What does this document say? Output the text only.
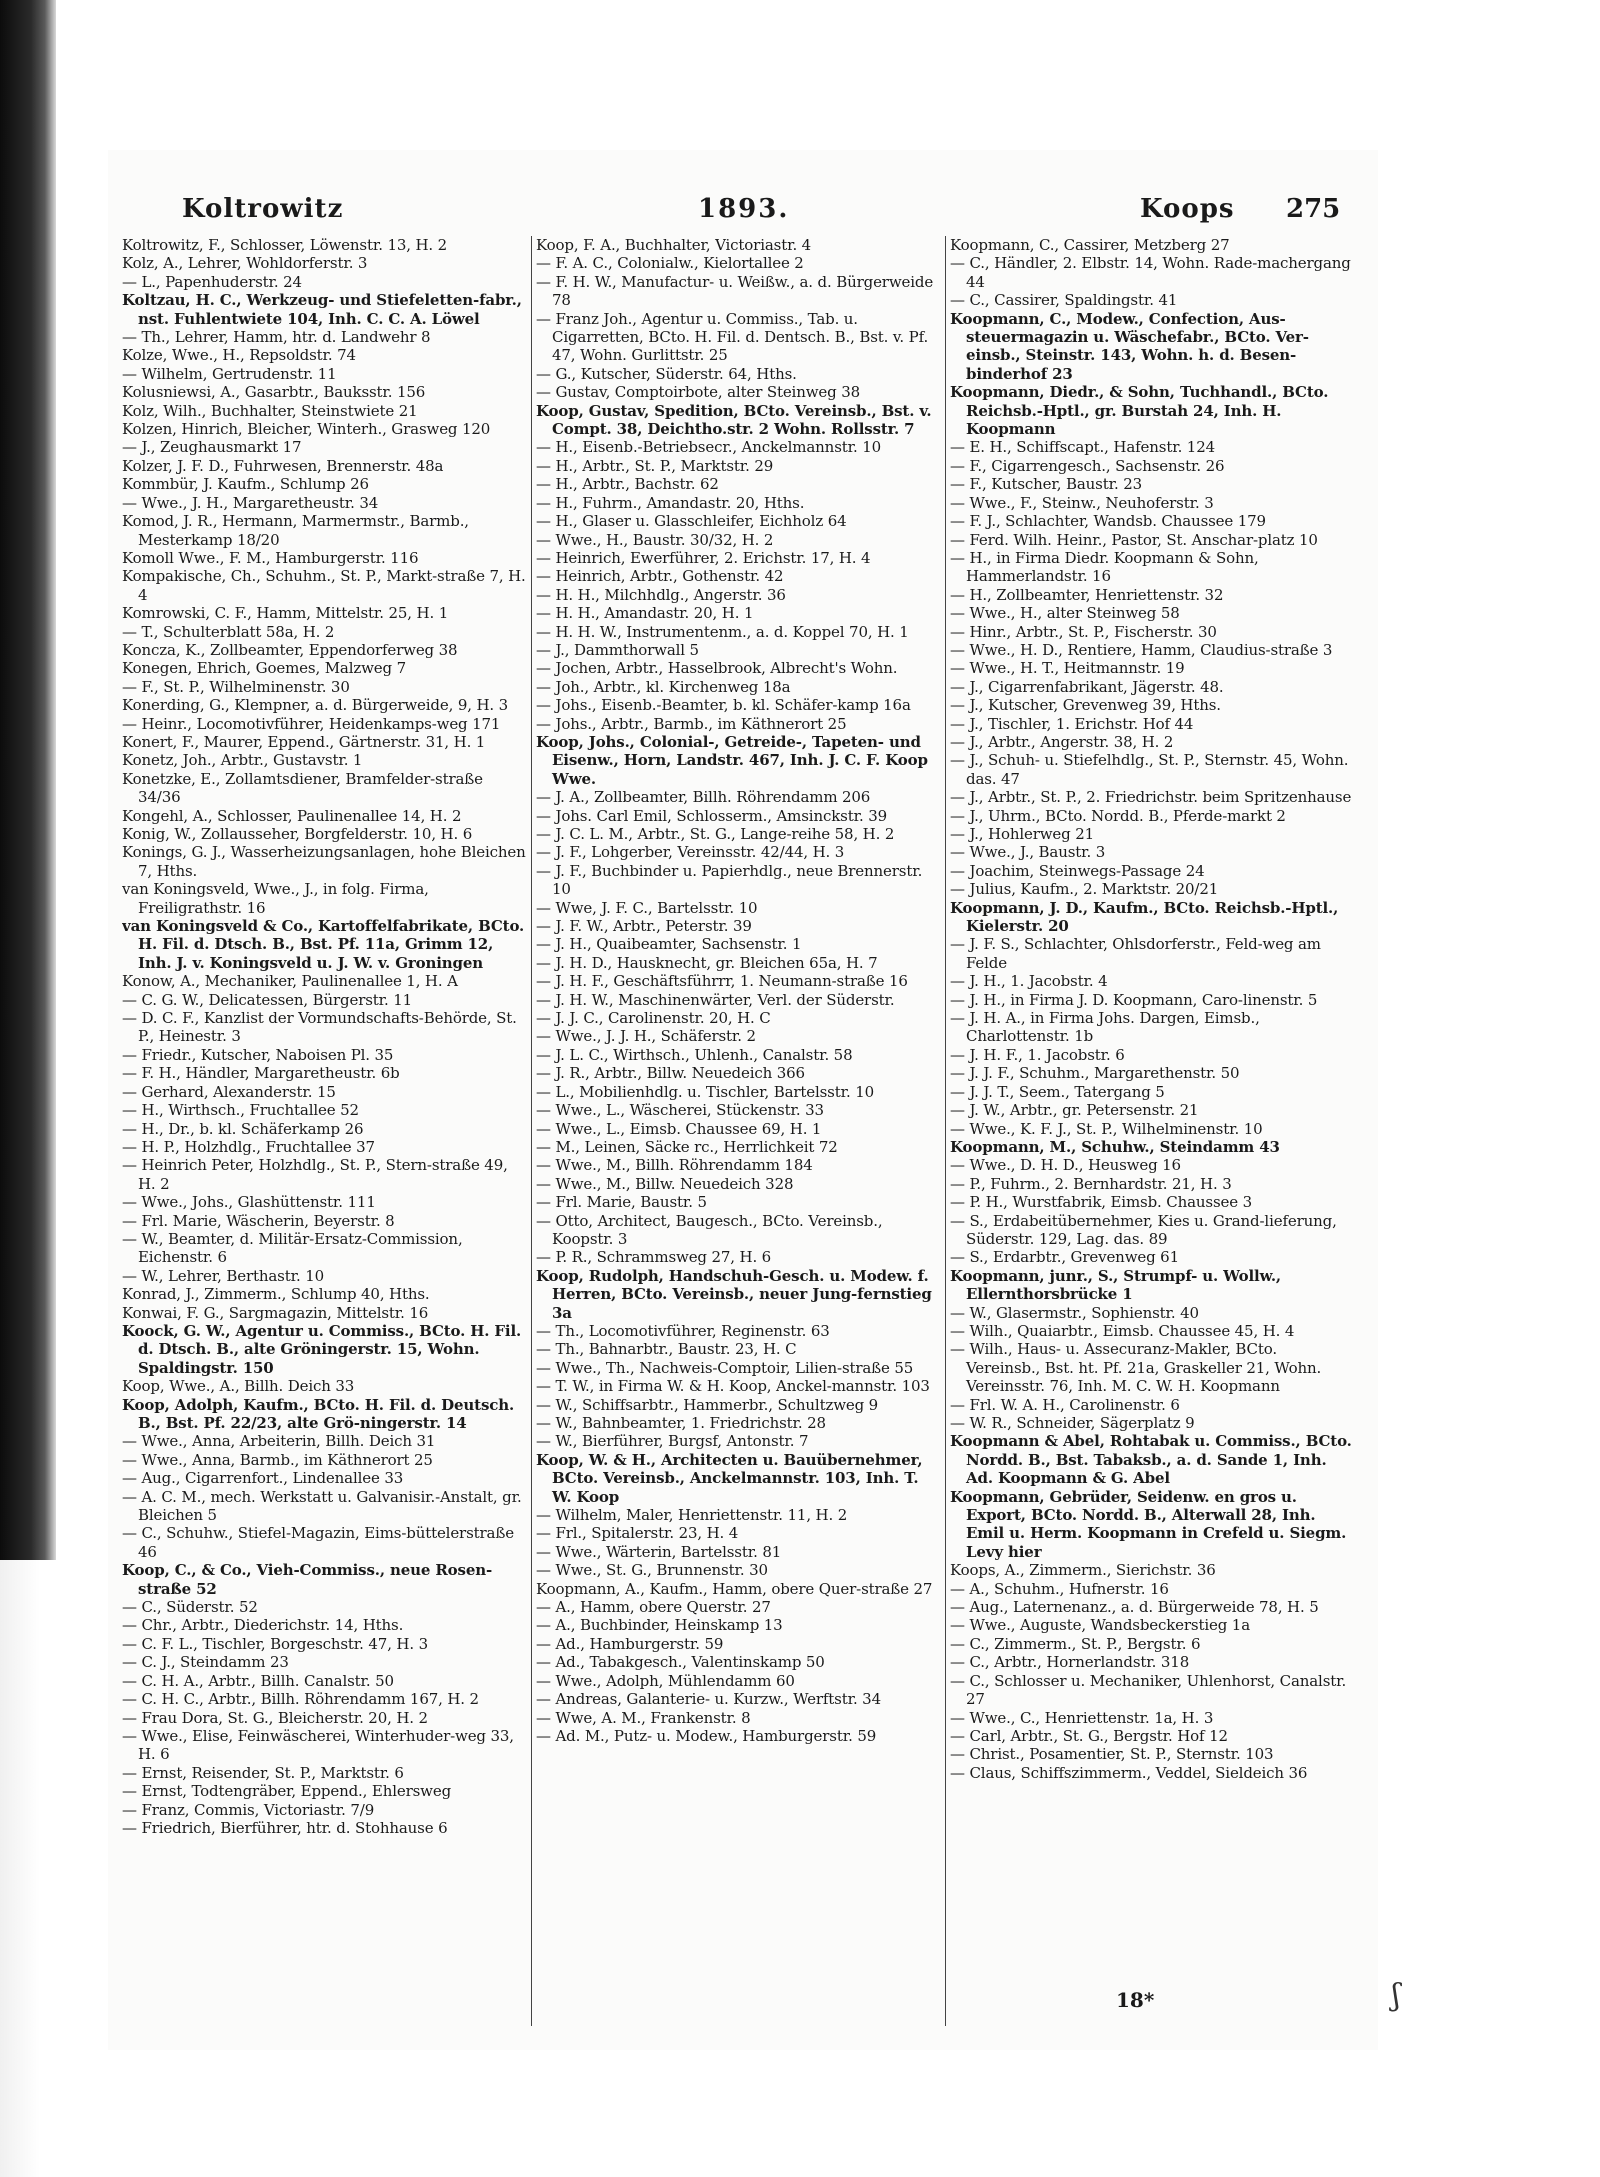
Koltrowitz	1893.	Koops 275
Koltrowitz, F., Schlosser, Löwenstr. 13, H. 2
Kolz, A., Lehrer, Wohldorferstr. 3
— L., Papenhuderstr. 24
Koltzau, H. C., Werkzeug- und Stiefeletten-fabr., nst. Fuhlentwiete 104, Inh. C. C. A. Löwel
— Th., Lehrer, Hamm, htr. d. Landwehr 8
Kolze, Wwe., H., Repsoldstr. 74
— Wilhelm, Gertrudenstr. 11
Kolusniewsi, A., Gasarbtr., Bauksstr. 156
Kolz, Wilh., Buchhalter, Steinstwiete 21
Kolzen, Hinrich, Bleicher, Winterh., Grasweg 120
— J., Zeughausmarkt 17
Kolzer, J. F. D., Fuhrwesen, Brennerstr. 48a
Kommbür, J. Kaufm., Schlump 26
— Wwe., J. H., Margaretheustr. 34
Komod, J. R., Hermann, Marmermstr., Barmb., Mesterkamp 18/20
Komoll Wwe., F. M., Hamburgerstr. 116
Kompakische, Ch., Schuhm., St. P., Markt-straße 7, H. 4
Komrowski, C. F., Hamm, Mittelstr. 25, H. 1
— T., Schulterblatt 58a, H. 2
Koncza, K., Zollbeamter, Eppendorferweg 38
Konegen, Ehrich, Goemes, Malzweg 7
— F., St. P., Wilhelminenstr. 30
Konerding, G., Klempner, a. d. Bürgerweide, 9, H. 3
— Heinr., Locomotivführer, Heidenkamps-weg 171
Konert, F., Maurer, Eppend., Gärtnerstr. 31, H. 1
Konetz, Joh., Arbtr., Gustavstr. 1
Konetzke, E., Zollamtsdiener, Bramfelder-straße 34/36
Kongehl, A., Schlosser, Paulinenallee 14, H. 2
Konig, W., Zollausseher, Borgfelderstr. 10, H. 6
Konings, G. J., Wasserheizungsanlagen, hohe Bleichen 7, Hths.
van Koningsveld, Wwe., J., in folg. Firma, Freiligrathstr. 16
van Koningsveld & Co., Kartoffelfabrikate, BCto. H. Fil. d. Dtsch. B., Bst. Pf. 11a, Grimm 12, Inh. J. v. Koningsveld u. J. W. v. Groningen
Konow, A., Mechaniker, Paulinenallee 1, H. A
— C. G. W., Delicatessen, Bürgerstr. 11
— D. C. F., Kanzlist der Vormundschafts-Behörde, St. P., Heinestr. 3
— Friedr., Kutscher, Naboisen Pl. 35
— F. H., Händler, Margaretheustr. 6b
— Gerhard, Alexanderstr. 15
— H., Wirthsch., Fruchtallee 52
— H., Dr., b. kl. Schäferkamp 26
— H. P., Holzhdlg., Fruchtallee 37
— Heinrich Peter, Holzhdlg., St. P., Stern-straße 49, H. 2
— Wwe., Johs., Glashüttenstr. 111
— Frl. Marie, Wäscherin, Beyerstr. 8
— W., Beamter, d. Militär-Ersatz-Commission, Eichenstr. 6
— W., Lehrer, Berthastr. 10
Konrad, J., Zimmerm., Schlump 40, Hths.
Konwai, F. G., Sargmagazin, Mittelstr. 16
Koock, G. W., Agentur u. Commiss., BCto. H. Fil. d. Dtsch. B., alte Gröningerstr. 15, Wohn. Spaldingstr. 150
Koop, Wwe., A., Billh. Deich 33
Koop, Adolph, Kaufm., BCto. H. Fil. d. Deutsch. B., Bst. Pf. 22/23, alte Grö-ningerstr. 14
— Wwe., Anna, Arbeiterin, Billh. Deich 31
— Wwe., Anna, Barmb., im Käthnerort 25
— Aug., Cigarrenfort., Lindenallee 33
— A. C. M., mech. Werkstatt u. Galvanisir.-Anstalt, gr. Bleichen 5
— C., Schuhw., Stiefel-Magazin, Eims-büttelerstraße 46
Koop, C., & Co., Vieh-Commiss., neue Rosen-straße 52
— C., Süderstr. 52
— Chr., Arbtr., Diederichstr. 14, Hths.
— C. F. L., Tischler, Borgeschstr. 47, H. 3
— C. J., Steindamm 23
— C. H. A., Arbtr., Billh. Canalstr. 50
— C. H. C., Arbtr., Billh. Röhrendamm 167, H. 2
— Frau Dora, St. G., Bleicherstr. 20, H. 2
— Wwe., Elise, Feinwäscherei, Winterhuder-weg 33, H. 6
— Ernst, Reisender, St. P., Marktstr. 6
— Ernst, Todtengräber, Eppend., Ehlersweg
— Franz, Commis, Victoriastr. 7/9
— Friedrich, Bierführer, htr. d. Stohhause 6
Koop, F. A., Buchhalter, Victoriastr. 4
— F. A. C., Colonialw., Kielortallee 2
— F. H. W., Manufactur- u. Weißw., a. d. Bürgerweide 78
— Franz Joh., Agentur u. Commiss., Tab. u. Cigarretten, BCto. H. Fil. d. Dentsch. B., Bst. v. Pf. 47, Wohn. Gurlittstr. 25
— G., Kutscher, Süderstr. 64, Hths.
— Gustav, Comptoirbote, alter Steinweg 38
Koop, Gustav, Spedition, BCto. Vereinsb., Bst. v. Compt. 38, Deichtho.str. 2 Wohn. Rollsstr. 7
— H., Eisenb.-Betriebsecr., Anckelmannstr. 10
— H., Arbtr., St. P., Marktstr. 29
— H., Arbtr., Bachstr. 62
— H., Fuhrm., Amandastr. 20, Hths.
— H., Glaser u. Glasschleifer, Eichholz 64
— Wwe., H., Baustr. 30/32, H. 2
— Heinrich, Ewerführer, 2. Erichstr. 17, H. 4
— Heinrich, Arbtr., Gothenstr. 42
— H. H., Milchhdlg., Angerstr. 36
— H. H., Amandastr. 20, H. 1
— H. H. W., Instrumentenm., a. d. Koppel 70, H. 1
— J., Dammthorwall 5
— Jochen, Arbtr., Hasselbrook, Albrecht's Wohn.
— Joh., Arbtr., kl. Kirchenweg 18a
— Johs., Eisenb.-Beamter, b. kl. Schäfer-kamp 16a
— Johs., Arbtr., Barmb., im Käthnerort 25
Koop, Johs., Colonial-, Getreide-, Tapeten- und Eisenw., Horn, Landstr. 467, Inh. J. C. F. Koop Wwe.
— J. A., Zollbeamter, Billh. Röhrendamm 206
— Johs. Carl Emil, Schlosserm., Amsinckstr. 39
— J. C. L. M., Arbtr., St. G., Lange-reihe 58, H. 2
— J. F., Lohgerber, Vereinsstr. 42/44, H. 3
— J. F., Buchbinder u. Papierhdlg., neue Brennerstr. 10
— Wwe, J. F. C., Bartelsstr. 10
— J. F. W., Arbtr., Peterstr. 39
— J. H., Quaibeamter, Sachsenstr. 1
— J. H. D., Hausknecht, gr. Bleichen 65a, H. 7
— J. H. F., Geschäftsführrr, 1. Neumann-straße 16
— J. H. W., Maschinenwärter, Verl. der Süderstr.
— J. J. C., Carolinenstr. 20, H. C
— Wwe., J. J. H., Schäferstr. 2
— J. L. C., Wirthsch., Uhlenh., Canalstr. 58
— J. R., Arbtr., Billw. Neuedeich 366
— L., Mobilienhdlg. u. Tischler, Bartelsstr. 10
— Wwe., L., Wäscherei, Stückenstr. 33
— Wwe., L., Eimsb. Chaussee 69, H. 1
— M., Leinen, Säcke rc., Herrlichkeit 72
— Wwe., M., Billh. Röhrendamm 184
— Wwe., M., Billw. Neuedeich 328
— Frl. Marie, Baustr. 5
— Otto, Architect, Baugesch., BCto. Vereinsb., Koopstr. 3
— P. R., Schrammsweg 27, H. 6
Koop, Rudolph, Handschuh-Gesch. u. Modew. f. Herren, BCto. Vereinsb., neuer Jung-fernstieg 3a
— Th., Locomotivführer, Reginenstr. 63
— Th., Bahnarbtr., Baustr. 23, H. C
— Wwe., Th., Nachweis-Comptoir, Lilien-straße 55
— T. W., in Firma W. & H. Koop, Anckel-mannstr. 103
— W., Schiffsarbtr., Hammerbr., Schultzweg 9
— W., Bahnbeamter, 1. Friedrichstr. 28
— W., Bierführer, Burgsf, Antonstr. 7
Koop, W. & H., Architecten u. Bauübernehmer, BCto. Vereinsb., Anckelmannstr. 103, Inh. T. W. Koop
— Wilhelm, Maler, Henriettenstr. 11, H. 2
— Frl., Spitalerstr. 23, H. 4
— Wwe., Wärterin, Bartelsstr. 81
— Wwe., St. G., Brunnenstr. 30
Koopmann, A., Kaufm., Hamm, obere Quer-straße 27
— A., Hamm, obere Querstr. 27
— A., Buchbinder, Heinskamp 13
— Ad., Hamburgerstr. 59
— Ad., Tabakgesch., Valentinskamp 50
— Wwe., Adolph, Mühlendamm 60
— Andreas, Galanterie- u. Kurzw., Werftstr. 34
— Wwe, A. M., Frankenstr. 8
— Ad. M., Putz- u. Modew., Hamburgerstr. 59
Koopmann, C., Cassirer, Metzberg 27
— C., Händler, 2. Elbstr. 14, Wohn. Rade-machergang 44
— C., Cassirer, Spaldingstr. 41
Koopmann, C., Modew., Confection, Aus-steuermagazin u. Wäschefabr., BCto. Ver-einsb., Steinstr. 143, Wohn. h. d. Besen-binderhof 23
Koopmann, Diedr., & Sohn, Tuchhandl., BCto. Reichsb.-Hptl., gr. Burstah 24, Inh. H. Koopmann
— E. H., Schiffscapt., Hafenstr. 124
— F., Cigarrengesch., Sachsenstr. 26
— F., Kutscher, Baustr. 23
— Wwe., F., Steinw., Neuhoferstr. 3
— F. J., Schlachter, Wandsb. Chaussee 179
— Ferd. Wilh. Heinr., Pastor, St. Anschar-platz 10
— H., in Firma Diedr. Koopmann & Sohn, Hammerlandstr. 16
— H., Zollbeamter, Henriettenstr. 32
— Wwe., H., alter Steinweg 58
— Hinr., Arbtr., St. P., Fischerstr. 30
— Wwe., H. D., Rentiere, Hamm, Claudius-straße 3
— Wwe., H. T., Heitmannstr. 19
— J., Cigarrenfabrikant, Jägerstr. 48.
— J., Kutscher, Grevenweg 39, Hths.
— J., Tischler, 1. Erichstr. Hof 44
— J., Arbtr., Angerstr. 38, H. 2
— J., Schuh- u. Stiefelhdlg., St. P., Sternstr. 45, Wohn. das. 47
— J., Arbtr., St. P., 2. Friedrichstr. beim Spritzenhause
— J., Uhrm., BCto. Nordd. B., Pferde-markt 2
— J., Hohlerweg 21
— Wwe., J., Baustr. 3
— Joachim, Steinwegs-Passage 24
— Julius, Kaufm., 2. Marktstr. 20/21
Koopmann, J. D., Kaufm., BCto. Reichsb.-Hptl., Kielerstr. 20
— J. F. S., Schlachter, Ohlsdorferstr., Feld-weg am Felde
— J. H., 1. Jacobstr. 4
— J. H., in Firma J. D. Koopmann, Caro-linenstr. 5
— J. H. A., in Firma Johs. Dargen, Eimsb., Charlottenstr. 1b
— J. H. F., 1. Jacobstr. 6
— J. J. F., Schuhm., Margarethenstr. 50
— J. J. T., Seem., Tatergang 5
— J. W., Arbtr., gr. Petersenstr. 21
— Wwe., K. F. J., St. P., Wilhelminenstr. 10
Koopmann, M., Schuhw., Steindamm 43
— Wwe., D. H. D., Heusweg 16
— P., Fuhrm., 2. Bernhardstr. 21, H. 3
— P. H., Wurstfabrik, Eimsb. Chaussee 3
— S., Erdabeitübernehmer, Kies u. Grand-lieferung, Süderstr. 129, Lag. das. 89
— S., Erdarbtr., Grevenweg 61
Koopmann, junr., S., Strumpf- u. Wollw., Ellernthorsbrücke 1
— W., Glasermstr., Sophienstr. 40
— Wilh., Quaiarbtr., Eimsb. Chaussee 45, H. 4
— Wilh., Haus- u. Assecuranz-Makler, BCto. Vereinsb., Bst. ht. Pf. 21a, Graskeller 21, Wohn. Vereinsstr. 76, Inh. M. C. W. H. Koopmann
— Frl. W. A. H., Carolinenstr. 6
— W. R., Schneider, Sägerplatz 9
Koopmann & Abel, Rohtabak u. Commiss., BCto. Nordd. B., Bst. Tabaksb., a. d. Sande 1, Inh. Ad. Koopmann & G. Abel
Koopmann, Gebrüder, Seidenw. en gros u. Export, BCto. Nordd. B., Alterwall 28, Inh. Emil u. Herm. Koopmann in Crefeld u. Siegm. Levy hier
Koops, A., Zimmerm., Sierichstr. 36
— A., Schuhm., Hufnerstr. 16
— Aug., Laternenanz., a. d. Bürgerweide 78, H. 5
— Wwe., Auguste, Wandsbeckerstieg 1a
— C., Zimmerm., St. P., Bergstr. 6
— C., Arbtr., Hornerlandstr. 318
— C., Schlosser u. Mechaniker, Uhlenhorst, Canalstr. 27
— Wwe., C., Henriettenstr. 1a, H. 3
— Carl, Arbtr., St. G., Bergstr. Hof 12
— Christ., Posamentier, St. P., Sternstr. 103
— Claus, Schiffszimmerm., Veddel, Sieldeich 36
18*	ʃ
